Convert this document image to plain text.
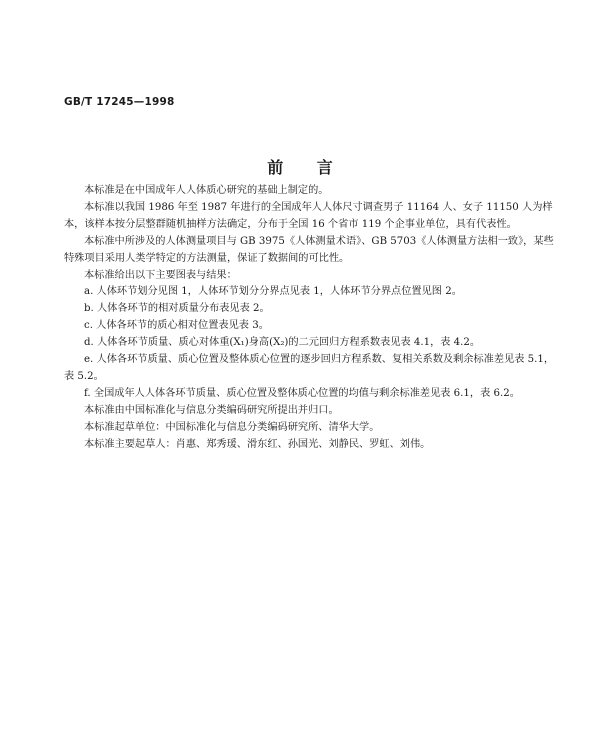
GB/T 17245—1998
前 言

本标准是在中国成年人人体质心研究的基础上制定的。

本标准以我国 1986 年至 1987 年进行的全国成年人人体尺寸调查男子 11164 人、女子 11150 人为样本，该样本按分层整群随机抽样方法确定，分布于全国 16 个省市 119 个企事业单位，具有代表性。

本标准中所涉及的人体测量项目与 GB 3975《人体测量术语》、GB 5703《人体测量方法相一致》，某些特殊项目采用人类学特定的方法测量，保证了数据间的可比性。

本标准给出以下主要图表与结果：

a. 人体环节划分见图 1，人体环节划分分界点见表 1，人体环节分界点位置见图 2。

b. 人体各环节的相对质量分布表见表 2。

c. 人体各环节的质心相对位置表见表 3。

d. 人体各环节质量、质心对体重(X₁)身高(X₂)的二元回归方程系数表见表 4.1，表 4.2。

e. 人体各环节质量、质心位置及整体质心位置的逐步回归方程系数、复相关系数及剩余标准差见表 5.1，表 5.2。

f. 全国成年人人体各环节质量、质心位置及整体质心位置的均值与剩余标准差见表 6.1，表 6.2。

本标准由中国标准化与信息分类编码研究所提出并归口。

本标准起草单位：中国标准化与信息分类编码研究所、清华大学。

本标准主要起草人：肖惠、郑秀瑗、滑东红、孙国光、刘静民、罗虹、刘伟。
